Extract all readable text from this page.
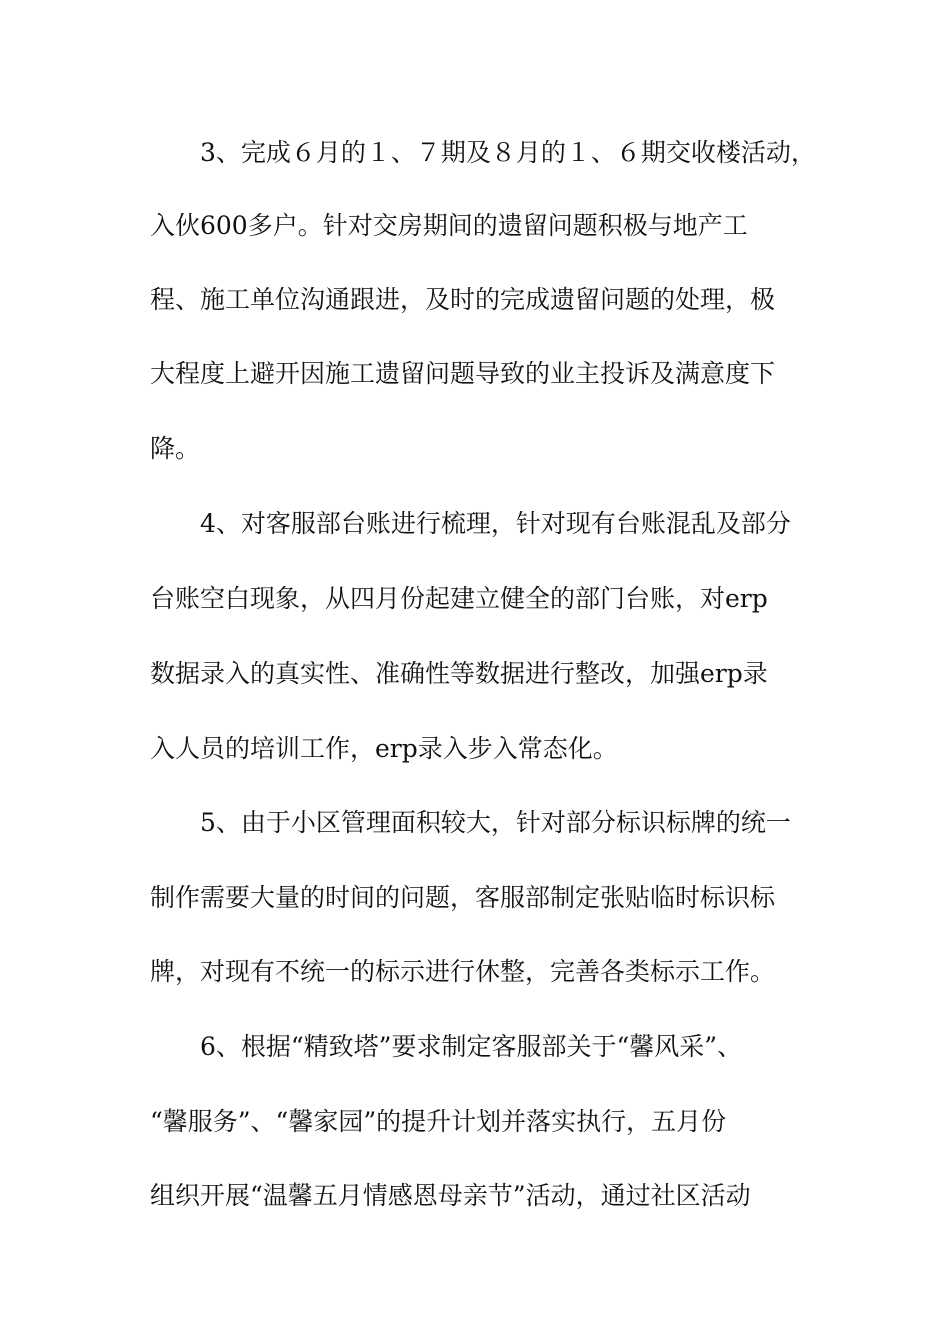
3、完成６月的１、７期及８月的１、６期交收楼活动，

入伙600多户。针对交房期间的遗留问题积极与地产工

程、施工单位沟通跟进，及时的完成遗留问题的处理，极

大程度上避开因施工遗留问题导致的业主投诉及满意度下

降。

4、对客服部台账进行梳理，针对现有台账混乱及部分

台账空白现象，从四月份起建立健全的部门台账，对erp

数据录入的真实性、准确性等数据进行整改，加强erp录

入人员的培训工作，erp录入步入常态化。

5、由于小区管理面积较大，针对部分标识标牌的统一

制作需要大量的时间的问题，客服部制定张贴临时标识标

牌，对现有不统一的标示进行休整，完善各类标示工作。

6、根据“精致塔”要求制定客服部关于“馨风采”、

“馨服务”、“馨家园”的提升计划并落实执行，五月份

组织开展“温馨五月情感恩母亲节”活动，通过社区活动
